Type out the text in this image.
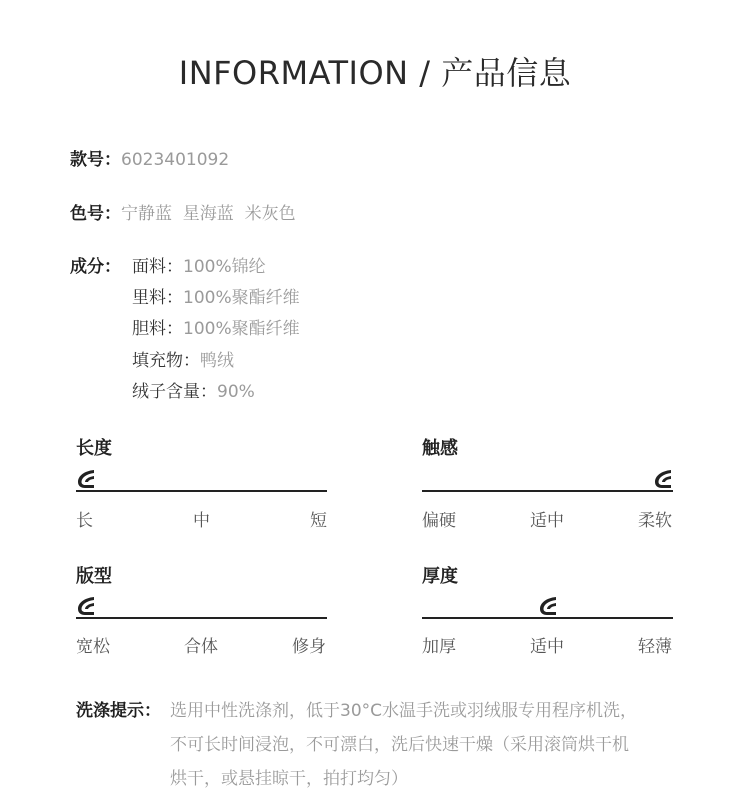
INFORMATION / 产品信息
款号：6023401092
色号：宁静蓝  星海蓝  米灰色
成分： 面料：100%锦纶
里料：100%聚酯纤维
胆料：100%聚酯纤维
填充物：鸭绒
绒子含量：90%
长度
长	中	短
触感
偏硬	适中	柔软
版型
宽松	合体	修身
厚度
加厚	适中	轻薄
洗涤提示： 选用中性洗涤剂，低于30°C水温手洗或羽绒服专用程序机洗，
不可长时间浸泡，不可漂白，洗后快速干燥（采用滚筒烘干机
烘干，或悬挂晾干，拍打均匀）
